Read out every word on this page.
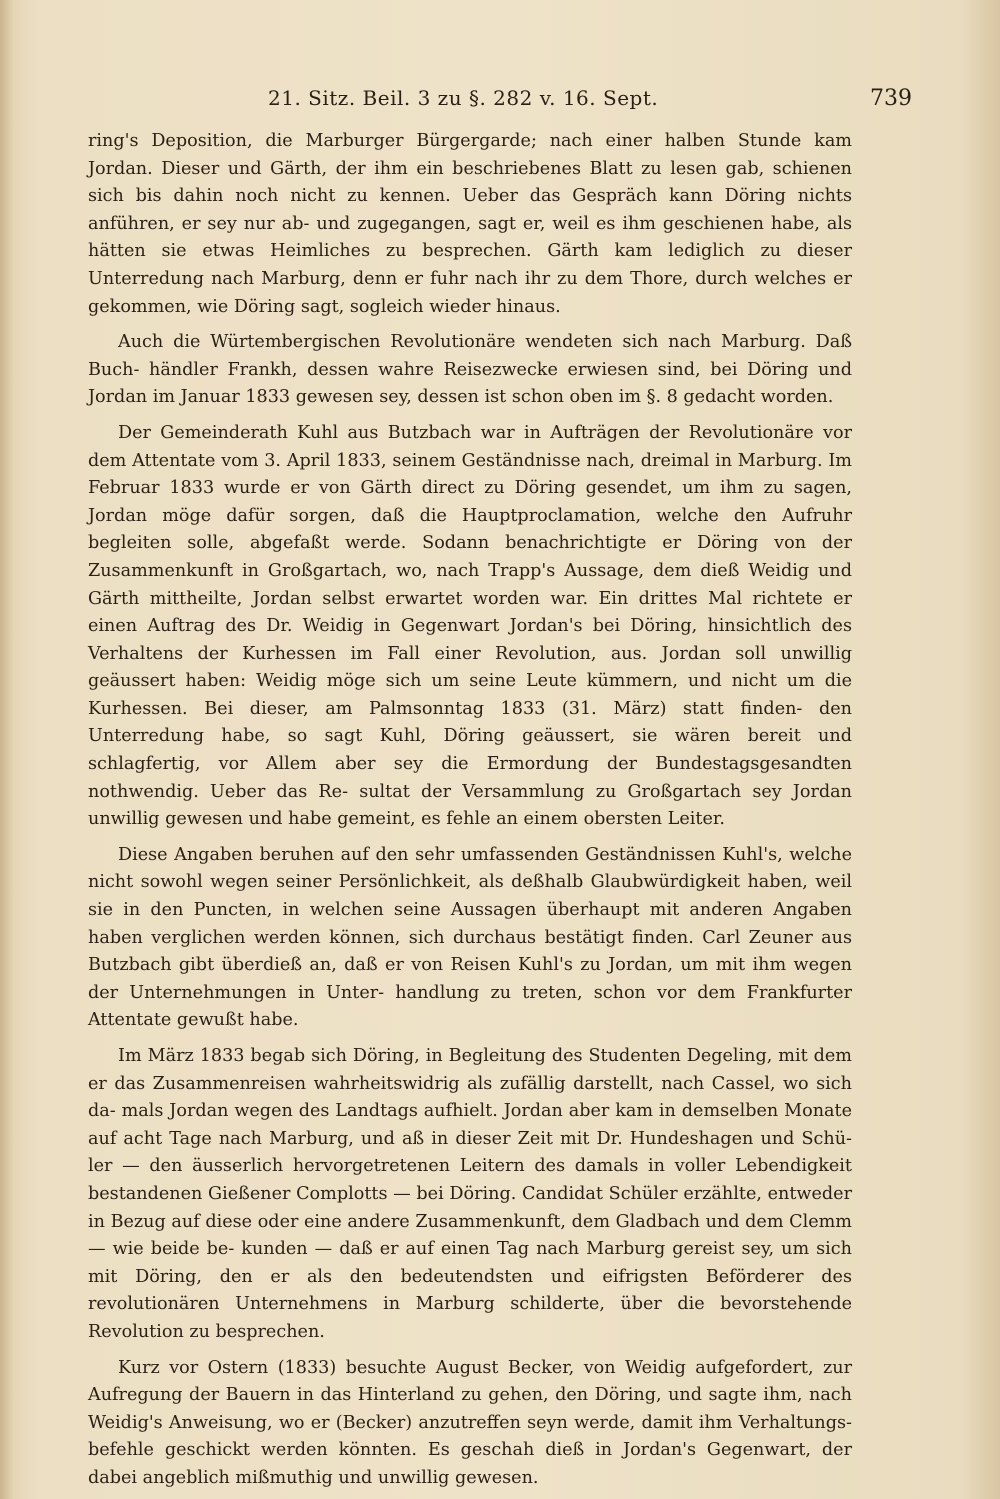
21. Sitz. Beil. 3 zu §. 282 v. 16. Sept.	739

ring's Deposition, die Marburger Bürgergarde; nach einer halben Stunde kam Jordan. Dieser und Gärth, der ihm ein beschriebenes Blatt zu lesen gab, schienen sich bis dahin noch nicht zu kennen. Ueber das Gespräch kann Döring nichts anführen, er sey nur ab- und zugegangen, sagt er, weil es ihm geschienen habe, als hätten sie etwas Heimliches zu besprechen. Gärth kam lediglich zu dieser Unterredung nach Marburg, denn er fuhr nach ihr zu dem Thore, durch welches er gekommen, wie Döring sagt, sogleich wieder hinaus.

Auch die Würtembergischen Revolutionäre wendeten sich nach Marburg. Daß Buch- händler Frankh, dessen wahre Reisezwecke erwiesen sind, bei Döring und Jordan im Januar 1833 gewesen sey, dessen ist schon oben im §. 8 gedacht worden.

Der Gemeinderath Kuhl aus Butzbach war in Aufträgen der Revolutionäre vor dem Attentate vom 3. April 1833, seinem Geständnisse nach, dreimal in Marburg. Im Februar 1833 wurde er von Gärth direct zu Döring gesendet, um ihm zu sagen, Jordan möge dafür sorgen, daß die Hauptproclamation, welche den Aufruhr begleiten solle, abgefaßt werde. Sodann benachrichtigte er Döring von der Zusammenkunft in Großgartach, wo, nach Trapp's Aussage, dem dieß Weidig und Gärth mittheilte, Jordan selbst erwartet worden war. Ein drittes Mal richtete er einen Auftrag des Dr. Weidig in Gegenwart Jordan's bei Döring, hinsichtlich des Verhaltens der Kurhessen im Fall einer Revolution, aus. Jordan soll unwillig geäussert haben: Weidig möge sich um seine Leute kümmern, und nicht um die Kurhessen. Bei dieser, am Palmsonntag 1833 (31. März) statt finden- den Unterredung habe, so sagt Kuhl, Döring geäussert, sie wären bereit und schlagfertig, vor Allem aber sey die Ermordung der Bundestagsgesandten nothwendig. Ueber das Re- sultat der Versammlung zu Großgartach sey Jordan unwillig gewesen und habe gemeint, es fehle an einem obersten Leiter.

Diese Angaben beruhen auf den sehr umfassenden Geständnissen Kuhl's, welche nicht sowohl wegen seiner Persönlichkeit, als deßhalb Glaubwürdigkeit haben, weil sie in den Puncten, in welchen seine Aussagen überhaupt mit anderen Angaben haben verglichen werden können, sich durchaus bestätigt finden. Carl Zeuner aus Butzbach gibt überdieß an, daß er von Reisen Kuhl's zu Jordan, um mit ihm wegen der Unternehmungen in Unter- handlung zu treten, schon vor dem Frankfurter Attentate gewußt habe.

Im März 1833 begab sich Döring, in Begleitung des Studenten Degeling, mit dem er das Zusammenreisen wahrheitswidrig als zufällig darstellt, nach Cassel, wo sich da- mals Jordan wegen des Landtags aufhielt. Jordan aber kam in demselben Monate auf acht Tage nach Marburg, und aß in dieser Zeit mit Dr. Hundeshagen und Schü- ler — den äusserlich hervorgetretenen Leitern des damals in voller Lebendigkeit bestandenen Gießener Complotts — bei Döring. Candidat Schüler erzählte, entweder in Bezug auf diese oder eine andere Zusammenkunft, dem Gladbach und dem Clemm — wie beide be- kunden — daß er auf einen Tag nach Marburg gereist sey, um sich mit Döring, den er als den bedeutendsten und eifrigsten Beförderer des revolutionären Unternehmens in Marburg schilderte, über die bevorstehende Revolution zu besprechen.

Kurz vor Ostern (1833) besuchte August Becker, von Weidig aufgefordert, zur Aufregung der Bauern in das Hinterland zu gehen, den Döring, und sagte ihm, nach Weidig's Anweisung, wo er (Becker) anzutreffen seyn werde, damit ihm Verhaltungs- befehle geschickt werden könnten. Es geschah dieß in Jordan's Gegenwart, der dabei angeblich mißmuthig und unwillig gewesen.
